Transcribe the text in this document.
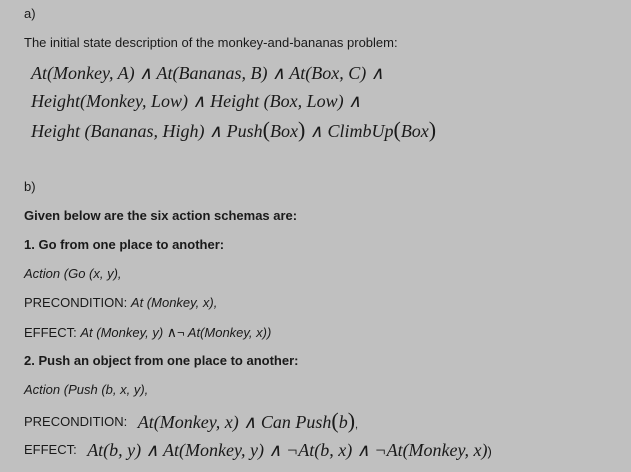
a)
The initial state description of the monkey-and-bananas problem:
At(Monkey, A) ∧ At(Bananas, B) ∧ At(Box, C) ∧
Height(Monkey, Low) ∧ Height (Box, Low) ∧
Height (Bananas, High) ∧ Push(Box) ∧ ClimbUp(Box)
b)
Given below are the six action schemas are:
1. Go from one place to another:
Action (Go (x, y),
PRECONDITION: At (Monkey, x),
EFFECT: At (Monkey, y) ∧¬ At(Monkey, x))
2. Push an object from one place to another:
Action (Push (b, x, y),
PRECONDITION: At(Monkey, x) ∧ Can Push(b),
EFFECT: At(b, y) ∧ At(Monkey, y) ∧ ¬At(b, x) ∧ ¬At(Monkey, x))
